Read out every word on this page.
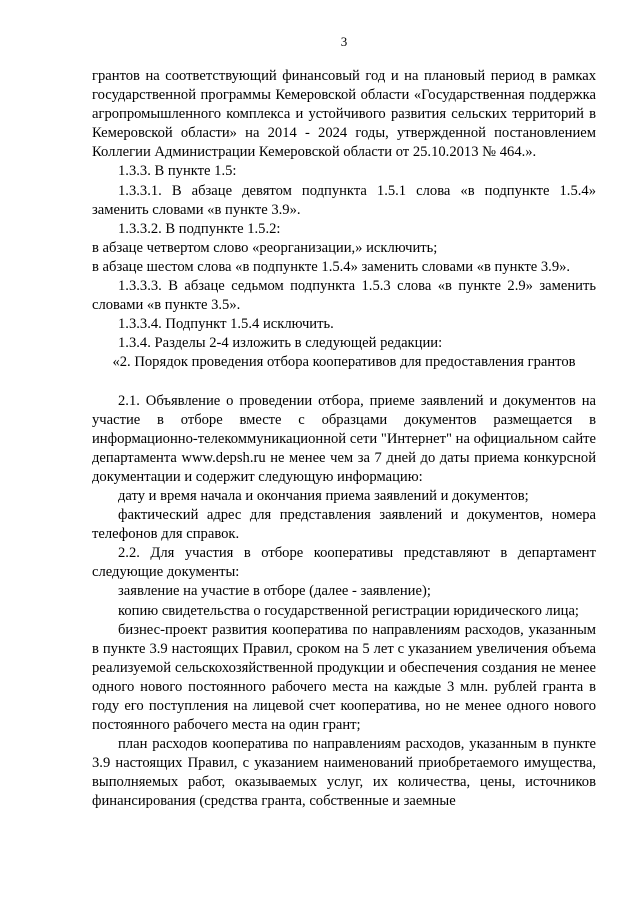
3

грантов на соответствующий финансовый год и на плановый период в рамках государственной программы Кемеровской области «Государственная поддержка агропромышленного комплекса и устойчивого развития сельских территорий в Кемеровской области» на 2014 - 2024 годы, утвержденной постановлением Коллегии Администрации Кемеровской области от 25.10.2013 № 464.».

1.3.3. В пункте 1.5:

1.3.3.1. В абзаце девятом подпункта 1.5.1 слова «в подпункте 1.5.4» заменить словами «в пункте 3.9».

1.3.3.2. В подпункте 1.5.2:

в абзаце четвертом слово «реорганизации,» исключить;

в абзаце шестом слова «в подпункте 1.5.4» заменить словами «в пункте 3.9».

1.3.3.3. В абзаце седьмом подпункта 1.5.3 слова «в пункте 2.9» заменить словами «в пункте 3.5».

1.3.3.4. Подпункт 1.5.4 исключить.

1.3.4. Разделы 2-4 изложить в следующей редакции:

«2. Порядок проведения отбора кооперативов для предоставления грантов

2.1. Объявление о проведении отбора, приеме заявлений и документов на участие в отборе вместе с образцами документов размещается в информационно-телекоммуникационной сети "Интернет" на официальном сайте департамента www.depsh.ru не менее чем за 7 дней до даты приема конкурсной документации и содержит следующую информацию:

дату и время начала и окончания приема заявлений и документов;

фактический адрес для представления заявлений и документов, номера телефонов для справок.

2.2. Для участия в отборе кооперативы представляют в департамент следующие документы:

заявление на участие в отборе (далее - заявление);

копию свидетельства о государственной регистрации юридического лица;

бизнес-проект развития кооператива по направлениям расходов, указанным в пункте 3.9 настоящих Правил, сроком на 5 лет с указанием увеличения объема реализуемой сельскохозяйственной продукции и обеспечения создания не менее одного нового постоянного рабочего места на каждые 3 млн. рублей гранта в году его поступления на лицевой счет кооператива, но не менее одного нового постоянного рабочего места на один грант;

план расходов кооператива по направлениям расходов, указанным в пункте 3.9 настоящих Правил, с указанием наименований приобретаемого имущества, выполняемых работ, оказываемых услуг, их количества, цены, источников финансирования (средства гранта, собственные и заемные
